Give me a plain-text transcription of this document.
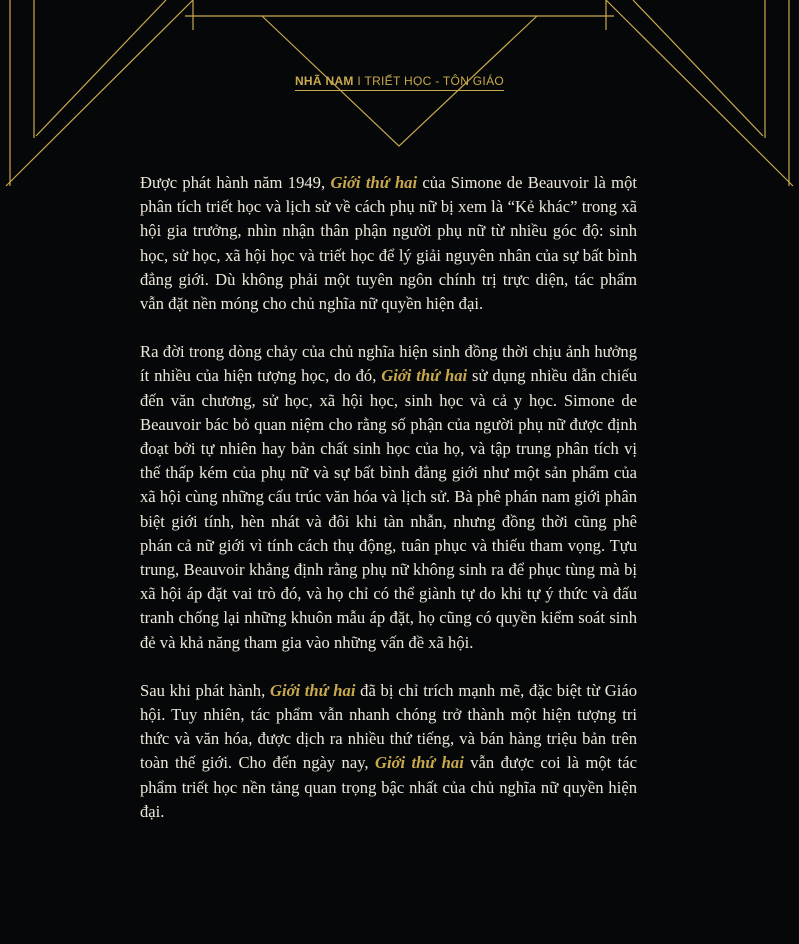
NHÃ NAM I TRIẾT HỌC - TÔN GIÁO

Được phát hành năm 1949, Giới thứ hai của Simone de Beauvoir là một phân tích triết học và lịch sử về cách phụ nữ bị xem là “Kẻ khác” trong xã hội gia trưởng, nhìn nhận thân phận người phụ nữ từ nhiều góc độ: sinh học, sử học, xã hội học và triết học để lý giải nguyên nhân của sự bất bình đẳng giới. Dù không phải một tuyên ngôn chính trị trực diện, tác phẩm vẫn đặt nền móng cho chủ nghĩa nữ quyền hiện đại.

Ra đời trong dòng chảy của chủ nghĩa hiện sinh đồng thời chịu ảnh hưởng ít nhiều của hiện tượng học, do đó, Giới thứ hai sử dụng nhiều dẫn chiếu đến văn chương, sử học, xã hội học, sinh học và cả y học. Simone de Beauvoir bác bỏ quan niệm cho rằng số phận của người phụ nữ được định đoạt bởi tự nhiên hay bản chất sinh học của họ, và tập trung phân tích vị thế thấp kém của phụ nữ và sự bất bình đẳng giới như một sản phẩm của xã hội cùng những cấu trúc văn hóa và lịch sử. Bà phê phán nam giới phân biệt giới tính, hèn nhát và đôi khi tàn nhẫn, nhưng đồng thời cũng phê phán cả nữ giới vì tính cách thụ động, tuân phục và thiếu tham vọng. Tựu trung, Beauvoir khẳng định rằng phụ nữ không sinh ra để phục tùng mà bị xã hội áp đặt vai trò đó, và họ chỉ có thể giành tự do khi tự ý thức và đấu tranh chống lại những khuôn mẫu áp đặt, họ cũng có quyền kiểm soát sinh đẻ và khả năng tham gia vào những vấn đề xã hội.

Sau khi phát hành, Giới thứ hai đã bị chỉ trích mạnh mẽ, đặc biệt từ Giáo hội. Tuy nhiên, tác phẩm vẫn nhanh chóng trở thành một hiện tượng tri thức và văn hóa, được dịch ra nhiều thứ tiếng, và bán hàng triệu bản trên toàn thế giới. Cho đến ngày nay, Giới thứ hai vẫn được coi là một tác phẩm triết học nền tảng quan trọng bậc nhất của chủ nghĩa nữ quyền hiện đại.
